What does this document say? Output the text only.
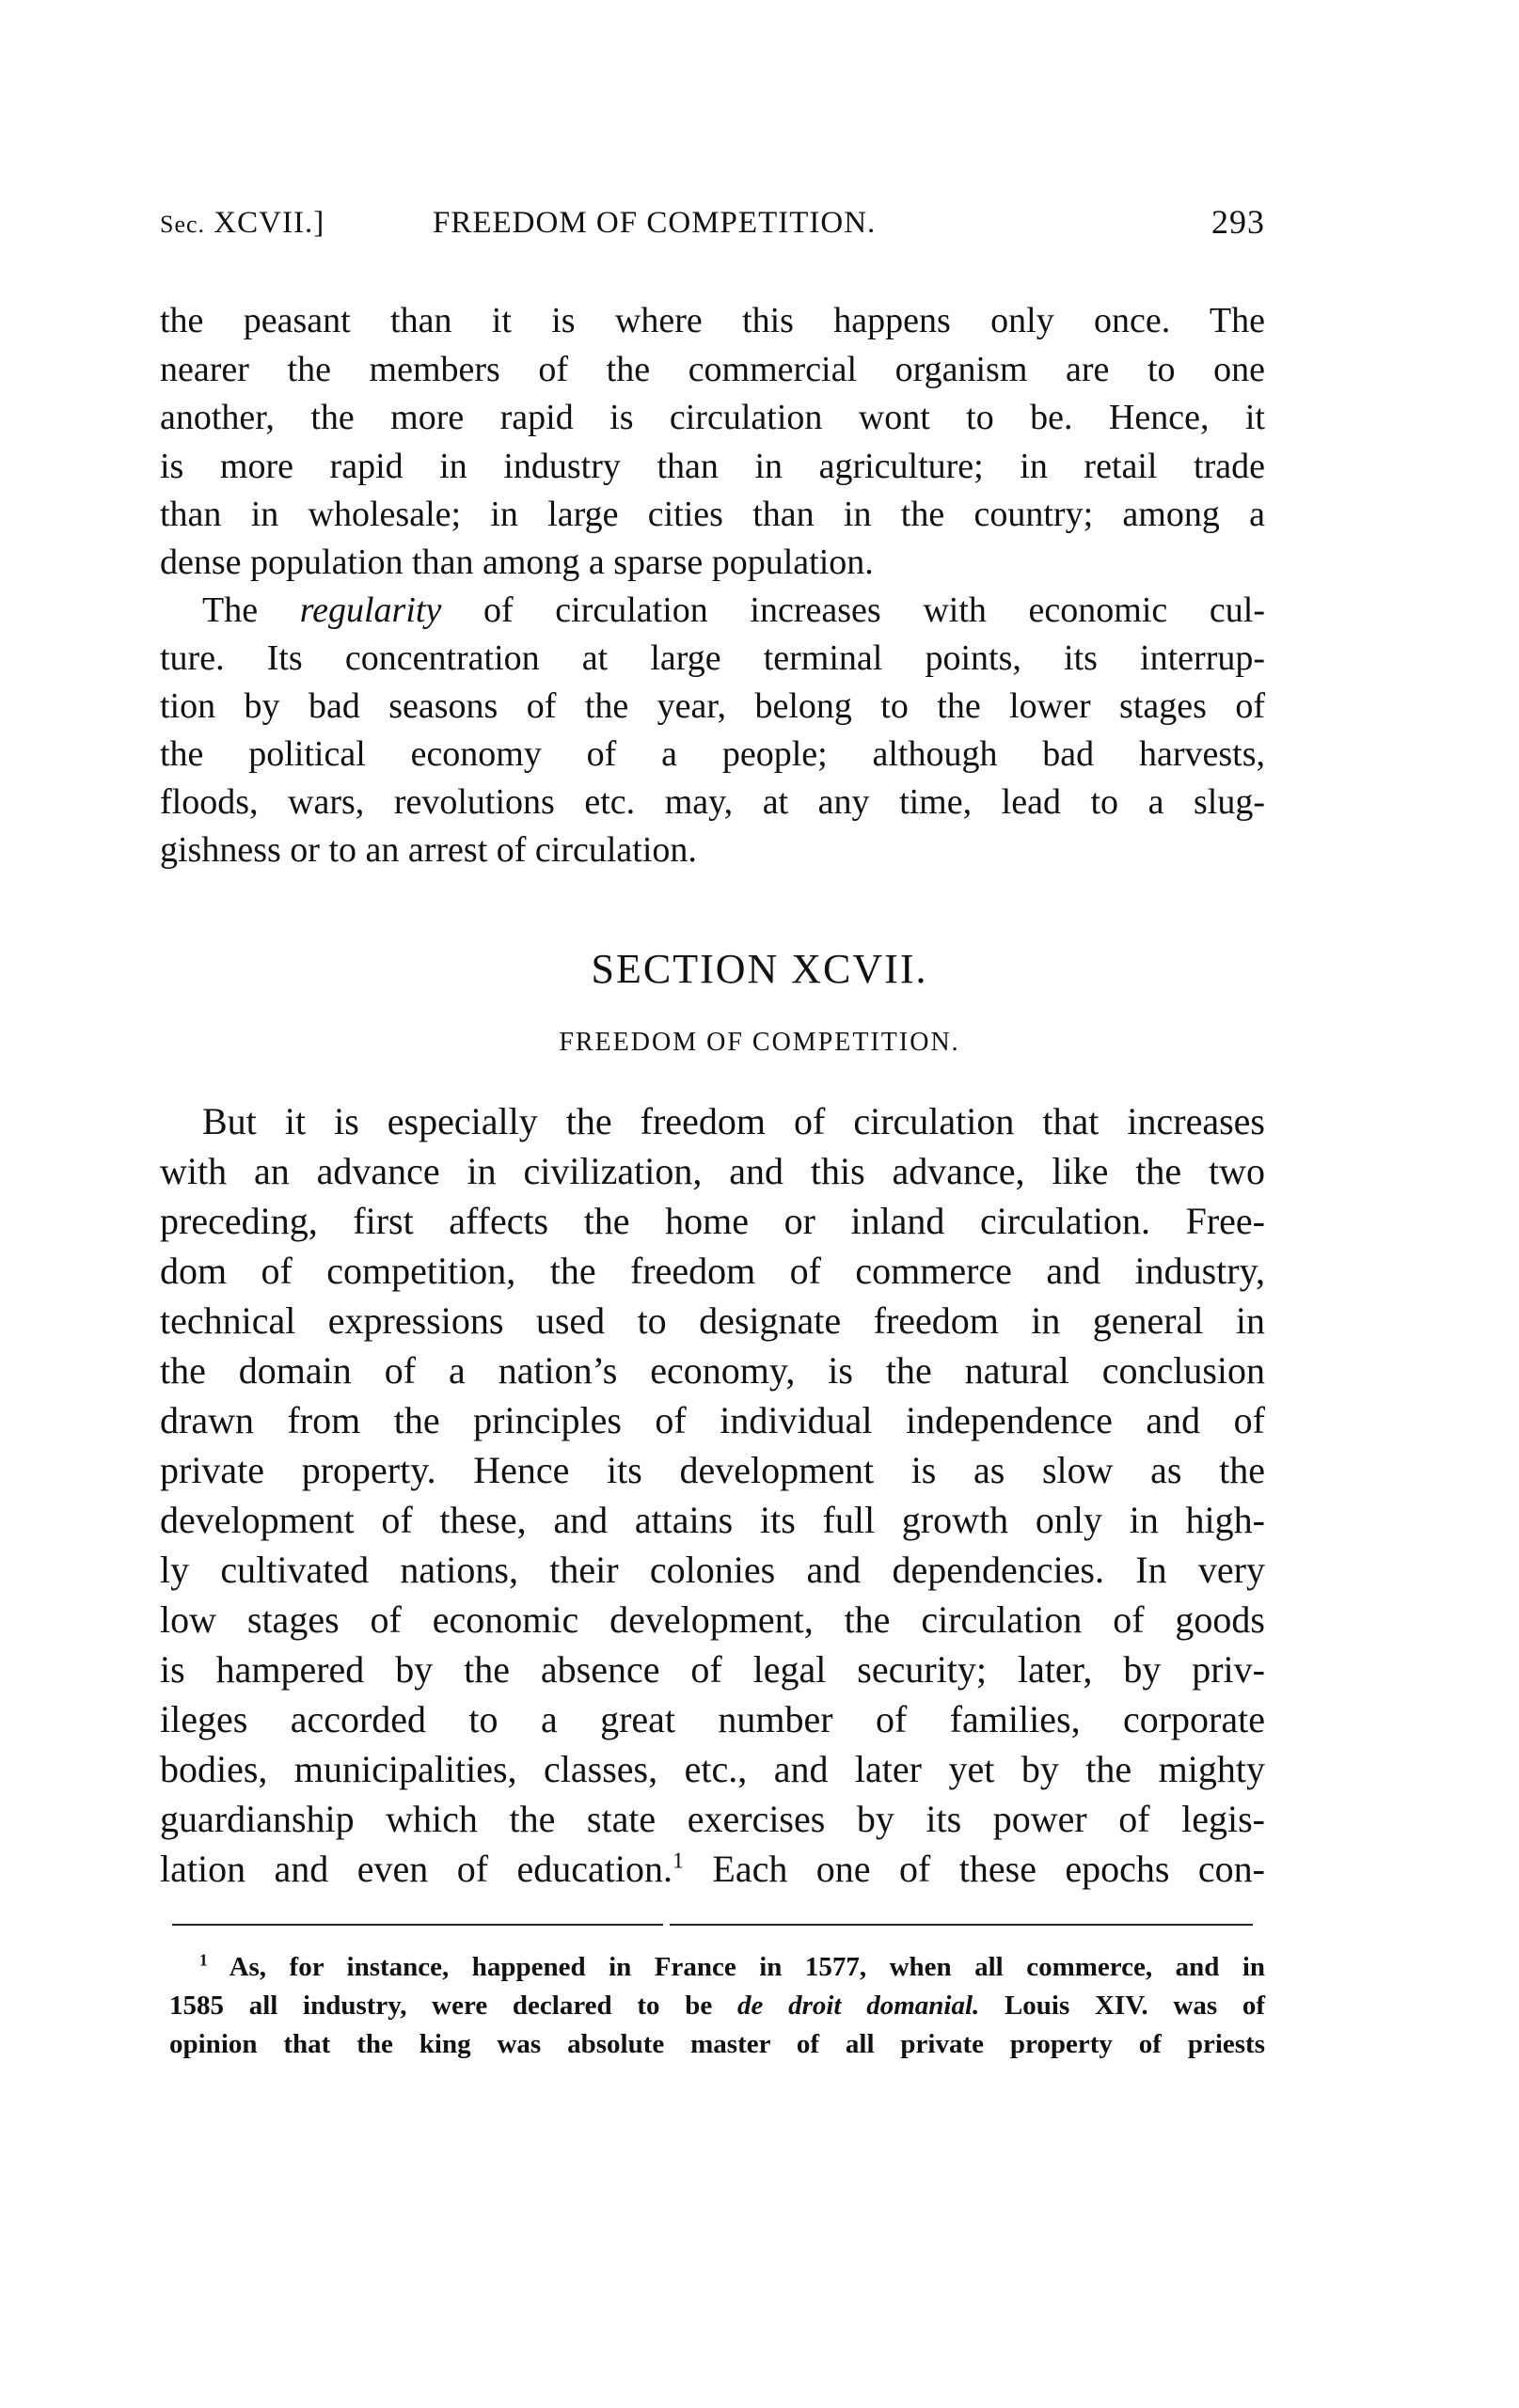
Sec. XCVII.]	FREEDOM OF COMPETITION.	293
the peasant than it is where this happens only once. The
nearer the members of the commercial organism are to one
another, the more rapid is circulation wont to be. Hence, it
is more rapid in industry than in agriculture; in retail trade
than in wholesale; in large cities than in the country; among a
dense population than among a sparse population.
The regularity of circulation increases with economic cul-
ture. Its concentration at large terminal points, its interrup-
tion by bad seasons of the year, belong to the lower stages of
the political economy of a people; although bad harvests,
floods, wars, revolutions etc. may, at any time, lead to a slug-
gishness or to an arrest of circulation.
SECTION XCVII.
FREEDOM OF COMPETITION.
But it is especially the freedom of circulation that increases
with an advance in civilization, and this advance, like the two
preceding, first affects the home or inland circulation. Free-
dom of competition, the freedom of commerce and industry,
technical expressions used to designate freedom in general in
the domain of a nation’s economy, is the natural conclusion
drawn from the principles of individual independence and of
private property. Hence its development is as slow as the
development of these, and attains its full growth only in high-
ly cultivated nations, their colonies and dependencies. In very
low stages of economic development, the circulation of goods
is hampered by the absence of legal security; later, by priv-
ileges accorded to a great number of families, corporate
bodies, municipalities, classes, etc., and later yet by the mighty
guardianship which the state exercises by its power of legis-
lation and even of education.$^1$ Each one of these epochs con-
$^1$ As, for instance, happened in France in 1577, when all commerce, and in
1585 all industry, were declared to be de droit domanial. Louis XIV. was of
opinion that the king was absolute master of all private property of priests
